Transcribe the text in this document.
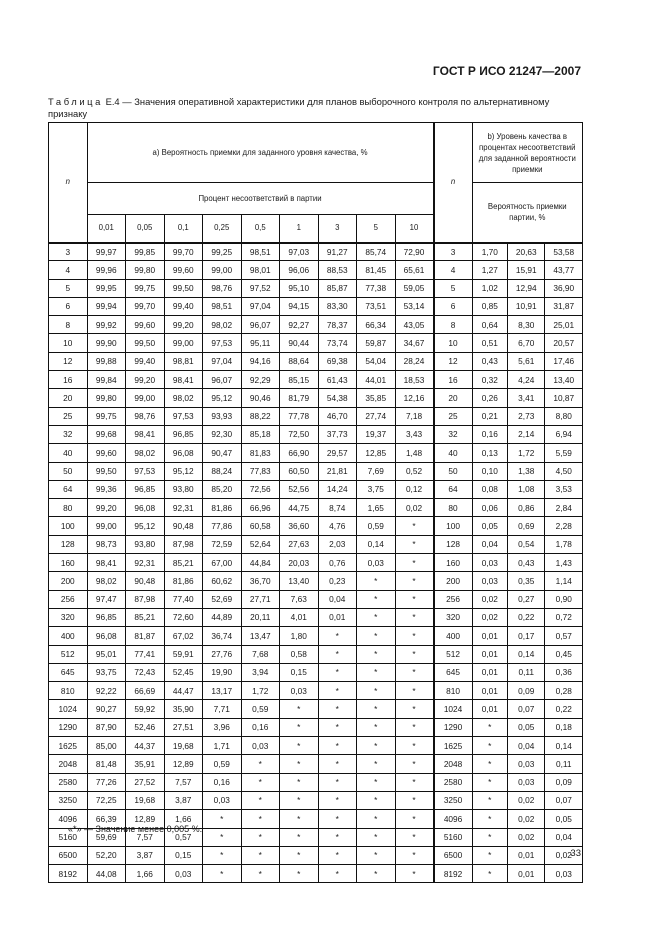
ГОСТ Р ИСО 21247—2007
Таблица Е.4 — Значения оперативной характеристики для планов выборочного контроля по альтернативному признаку
n	а) Вероятность приемки для заданного уровня качества, %									n	b) Уровень качества в процентах несоответствий для заданной вероятности приемки		
	Процент несоответствий в партии										Вероятность приемки партии, %		
	0,01	0,05	0,1	0,25	0,5	1	3	5	10				
3	99,97	99,85	99,70	99,25	98,51	97,03	91,27	85,74	72,90	3	1,70	20,63	53,58
4	99,96	99,80	99,60	99,00	98,01	96,06	88,53	81,45	65,61	4	1,27	15,91	43,77
5	99,95	99,75	99,50	98,76	97,52	95,10	85,87	77,38	59,05	5	1,02	12,94	36,90
6	99,94	99,70	99,40	98,51	97,04	94,15	83,30	73,51	53,14	6	0,85	10,91	31,87
8	99,92	99,60	99,20	98,02	96,07	92,27	78,37	66,34	43,05	8	0,64	8,30	25,01
10	99,90	99,50	99,00	97,53	95,11	90,44	73,74	59,87	34,67	10	0,51	6,70	20,57
12	99,88	99,40	98,81	97,04	94,16	88,64	69,38	54,04	28,24	12	0,43	5,61	17,46
16	99,84	99,20	98,41	96,07	92,29	85,15	61,43	44,01	18,53	16	0,32	4,24	13,40
20	99,80	99,00	98,02	95,12	90,46	81,79	54,38	35,85	12,16	20	0,26	3,41	10,87
25	99,75	98,76	97,53	93,93	88,22	77,78	46,70	27,74	7,18	25	0,21	2,73	8,80
32	99,68	98,41	96,85	92,30	85,18	72,50	37,73	19,37	3,43	32	0,16	2,14	6,94
40	99,60	98,02	96,08	90,47	81,83	66,90	29,57	12,85	1,48	40	0,13	1,72	5,59
50	99,50	97,53	95,12	88,24	77,83	60,50	21,81	7,69	0,52	50	0,10	1,38	4,50
64	99,36	96,85	93,80	85,20	72,56	52,56	14,24	3,75	0,12	64	0,08	1,08	3,53
80	99,20	96,08	92,31	81,86	66,96	44,75	8,74	1,65	0,02	80	0,06	0,86	2,84
100	99,00	95,12	90,48	77,86	60,58	36,60	4,76	0,59	*	100	0,05	0,69	2,28
128	98,73	93,80	87,98	72,59	52,64	27,63	2,03	0,14	*	128	0,04	0,54	1,78
160	98,41	92,31	85,21	67,00	44,84	20,03	0,76	0,03	*	160	0,03	0,43	1,43
200	98,02	90,48	81,86	60,62	36,70	13,40	0,23	*	*	200	0,03	0,35	1,14
256	97,47	87,98	77,40	52,69	27,71	7,63	0,04	*	*	256	0,02	0,27	0,90
320	96,85	85,21	72,60	44,89	20,11	4,01	0,01	*	*	320	0,02	0,22	0,72
400	96,08	81,87	67,02	36,74	13,47	1,80	*	*	*	400	0,01	0,17	0,57
512	95,01	77,41	59,91	27,76	7,68	0,58	*	*	*	512	0,01	0,14	0,45
645	93,75	72,43	52,45	19,90	3,94	0,15	*	*	*	645	0,01	0,11	0,36
810	92,22	66,69	44,47	13,17	1,72	0,03	*	*	*	810	0,01	0,09	0,28
1024	90,27	59,92	35,90	7,71	0,59	*	*	*	*	1024	0,01	0,07	0,22
1290	87,90	52,46	27,51	3,96	0,16	*	*	*	*	1290	*	0,05	0,18
1625	85,00	44,37	19,68	1,71	0,03	*	*	*	*	1625	*	0,04	0,14
2048	81,48	35,91	12,89	0,59	*	*	*	*	*	2048	*	0,03	0,11
2580	77,26	27,52	7,57	0,16	*	*	*	*	*	2580	*	0,03	0,09
3250	72,25	19,68	3,87	0,03	*	*	*	*	*	3250	*	0,02	0,07
4096	66,39	12,89	1,66	*	*	*	*	*	*	4096	*	0,02	0,05
5160	59,69	7,57	0,57	*	*	*	*	*	*	5160	*	0,02	0,04
6500	52,20	3,87	0,15	*	*	*	*	*	*	6500	*	0,01	0,02
8192	44,08	1,66	0,03	*	*	*	*	*	*	8192	*	0,01	0,03
«*» — Значение менее 0,005 %.
33
